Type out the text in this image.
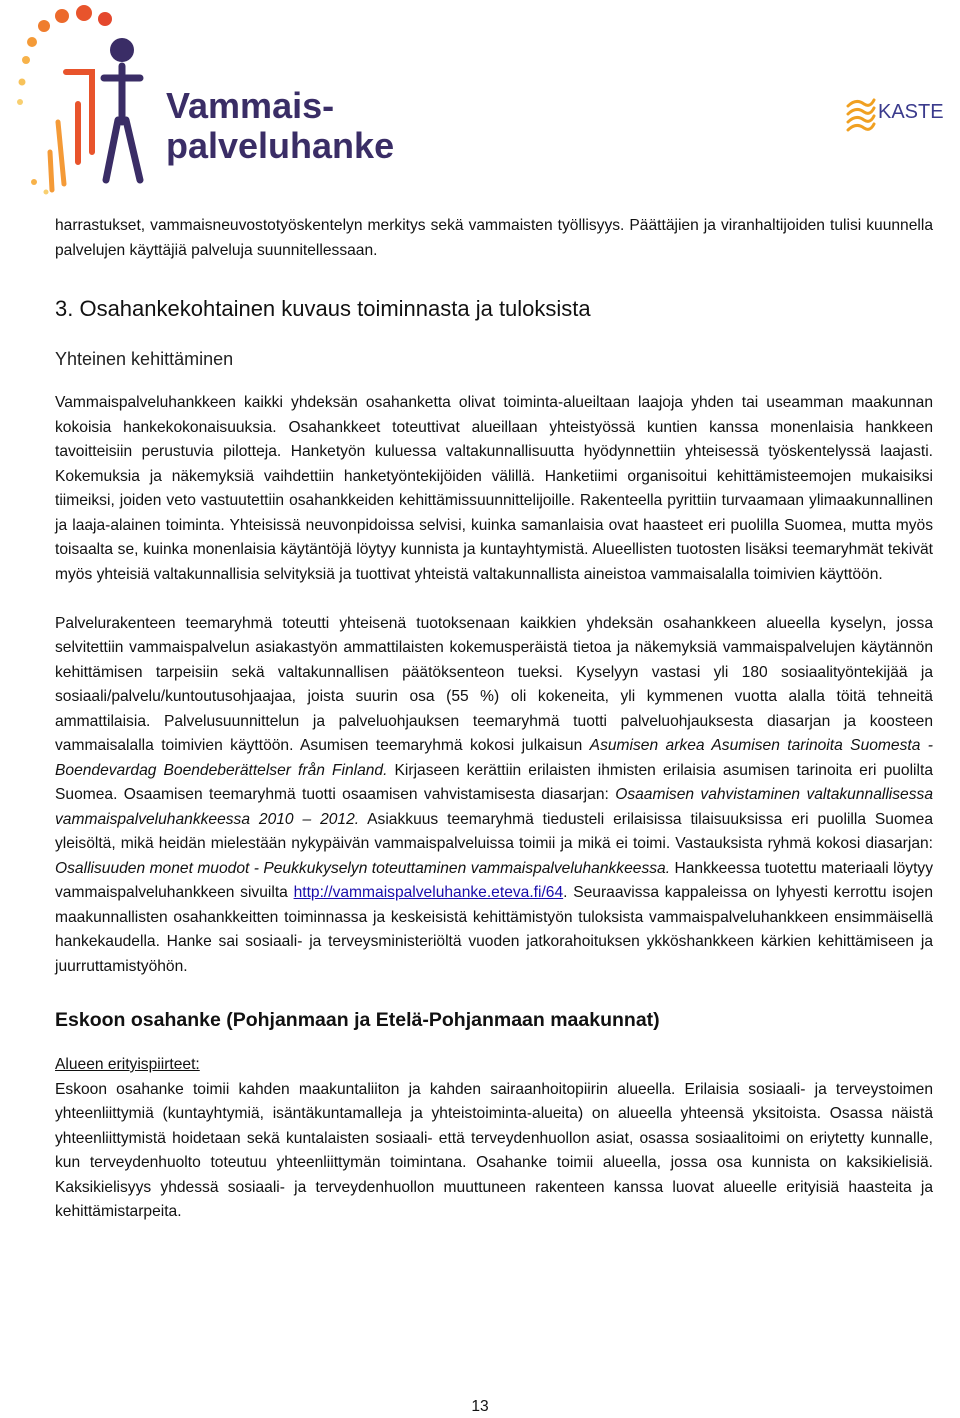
Vammais-
palveluhanke
KASTE

harrastukset, vammaisneuvostotyöskentelyn merkitys sekä vammaisten työllisyys. Päättäjien ja viranhaltijoiden tulisi kuunnella palvelujen käyttäjiä palveluja suunnitellessaan.

3. Osahankekohtainen kuvaus toiminnasta ja tuloksista
Yhteinen kehittäminen

Vammaispalveluhankkeen kaikki yhdeksän osahanketta olivat toiminta-alueiltaan laajoja yhden tai useamman maakunnan kokoisia hankekokonaisuuksia. Osahankkeet toteuttivat alueillaan yhteistyössä kuntien kanssa monenlaisia hankkeen tavoitteisiin perustuvia pilotteja. Hanketyön kuluessa valtakunnallisuutta hyödynnettiin yhteisessä työskentelyssä laajasti. Kokemuksia ja näkemyksiä vaihdettiin hanketyöntekijöiden välillä. Hanketiimi organisoitui kehittämisteemojen mukaisiksi tiimeiksi, joiden veto vastuutettiin osahankkeiden kehittämissuunnittelijoille. Rakenteella pyrittiin turvaamaan ylimaakunnallinen ja laaja-alainen toiminta. Yhteisissä neuvonpidoissa selvisi, kuinka samanlaisia ovat haasteet eri puolilla Suomea, mutta myös toisaalta se, kuinka monenlaisia käytäntöjä löytyy kunnista ja kuntayhtymistä. Alueellisten tuotosten lisäksi teemaryhmät tekivät myös yhteisiä valtakunnallisia selvityksiä ja tuottivat yhteistä valtakunnallista aineistoa vammaisalalla toimivien käyttöön.

Palvelurakenteen teemaryhmä toteutti yhteisenä tuotoksenaan kaikkien yhdeksän osahankkeen alueella kyselyn, jossa selvitettiin vammaispalvelun asiakastyön ammattilaisten kokemusperäistä tietoa ja näkemyksiä vammaispalvelujen käytännön kehittämisen tarpeisiin sekä valtakunnallisen päätöksenteon tueksi. Kyselyyn vastasi yli 180 sosiaalityöntekijää ja sosiaali/palvelu/kuntoutusohjaajaa, joista suurin osa (55 %) oli kokeneita, yli kymmenen vuotta alalla töitä tehneitä ammattilaisia. Palvelusuunnittelun ja palveluohjauksen teemaryhmä tuotti palveluohjauksesta diasarjan ja koosteen vammaisalalla toimivien käyttöön. Asumisen teemaryhmä kokosi julkaisun Asumisen arkea Asumisen tarinoita Suomesta - Boendevardag Boendeberättelser från Finland. Kirjaseen kerättiin erilaisten ihmisten erilaisia asumisen tarinoita eri puolilta Suomea. Osaamisen teemaryhmä tuotti osaamisen vahvistamisesta diasarjan: Osaamisen vahvistaminen valtakunnallisessa vammaispalveluhankkeessa 2010 – 2012. Asiakkuus teemaryhmä tiedusteli erilaisissa tilaisuuksissa eri puolilla Suomea yleisöltä, mikä heidän mielestään nykypäivän vammaispalveluissa toimii ja mikä ei toimi. Vastauksista ryhmä kokosi diasarjan: Osallisuuden monet muodot - Peukkukyselyn toteuttaminen vammaispalveluhankkeessa. Hankkeessa tuotettu materiaali löytyy vammaispalveluhankkeen sivuilta http://vammaispalveluhanke.eteva.fi/64. Seuraavissa kappaleissa on lyhyesti kerrottu isojen maakunnallisten osahankkeitten toiminnassa ja keskeisistä kehittämistyön tuloksista vammaispalveluhankkeen ensimmäisellä hankekaudella. Hanke sai sosiaali- ja terveysministeriöltä vuoden jatkorahoituksen ykköshankkeen kärkien kehittämiseen ja juurruttamistyöhön.

Eskoon osahanke (Pohjanmaan ja Etelä-Pohjanmaan maakunnat)

Alueen erityispiirteet:

Eskoon osahanke toimii kahden maakuntaliiton ja kahden sairaanhoitopiirin alueella. Erilaisia sosiaali- ja terveystoimen yhteenliittymiä (kuntayhtymiä, isäntäkuntamalleja ja yhteistoiminta-alueita) on alueella yhteensä yksitoista. Osassa näistä yhteenliittymistä hoidetaan sekä kuntalaisten sosiaali- että terveydenhuollon asiat, osassa sosiaalitoimi on eriytetty kunnalle, kun terveydenhuolto toteutuu yhteenliittymän toimintana. Osahanke toimii alueella, jossa osa kunnista on kaksikielisiä. Kaksikielisyys yhdessä sosiaali- ja terveydenhuollon muuttuneen rakenteen kanssa luovat alueelle erityisiä haasteita ja kehittämistarpeita.

13
